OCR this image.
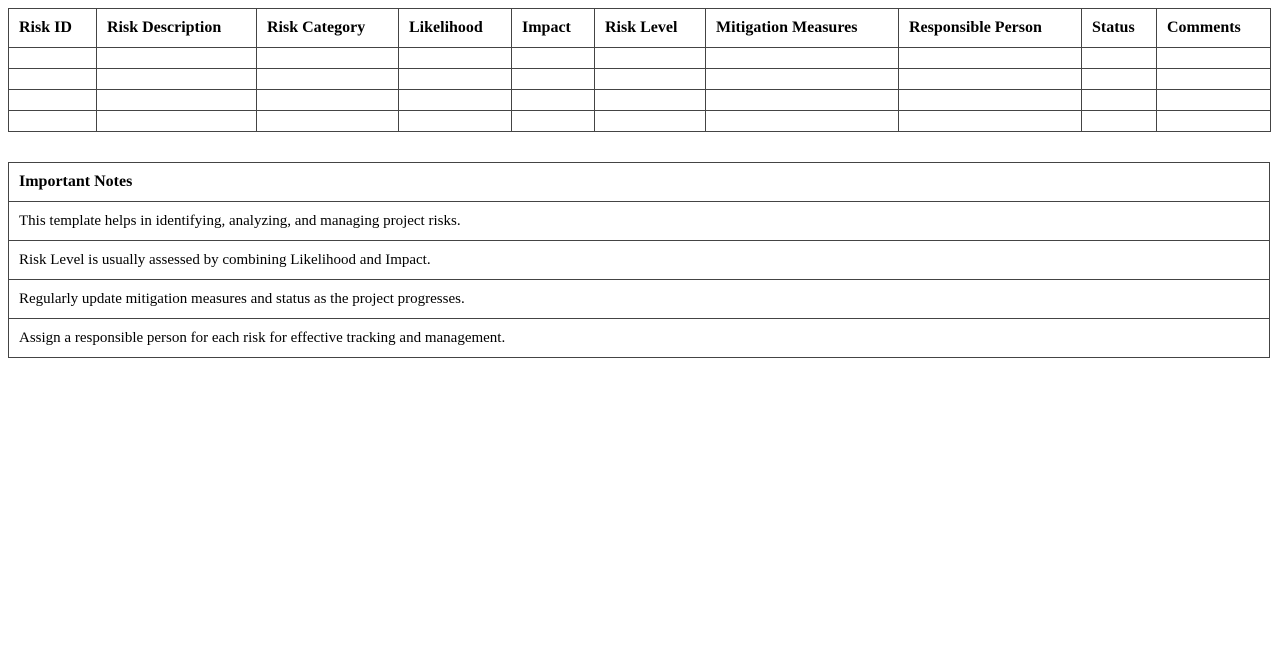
Risk ID	Risk Description	Risk Category	Likelihood	Impact	Risk Level	Mitigation Measures	Responsible Person	Status	Comments

Important Notes
This template helps in identifying, analyzing, and managing project risks.
Risk Level is usually assessed by combining Likelihood and Impact.
Regularly update mitigation measures and status as the project progresses.
Assign a responsible person for each risk for effective tracking and management.
